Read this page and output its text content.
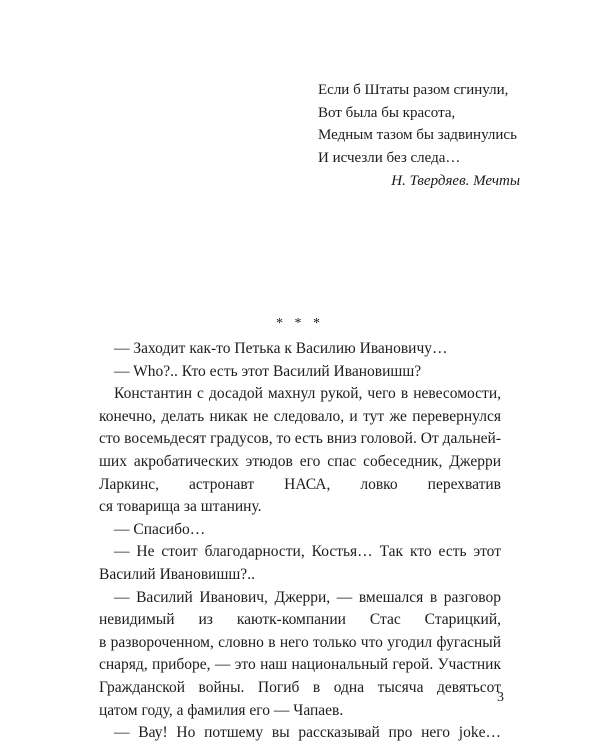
Если б Штаты разом сгинули,
Вот была бы красота,
Медным тазом бы задвинулись
И исчезли без следа…
Н. Твердяев. Мечты
* * *
— Заходит как-то Петька к Василию Ивановичу…
— Who?.. Кто есть этот Василий Ивановишш?
Константин с досадой махнул рукой, чего в невесомости,
конечно, делать никак не следовало, и тут же перевернулся
сто восемьдесят градусов, то есть вниз головой. От дальней-
ших акробатических этюдов его спас собеседник, Джерри
Ларкинс, астронавт НАСА, ловко перехватив
ся товарища за штанину.
— Спасибо…
— Не стоит благодарности, Костья… Так кто есть этот
Василий Ивановишш?..
— Василий Иванович, Джерри, — вмешался в разговор
невидимый из каютк-компании Стас Старицкий,
в развороченном, словно в него только что угодил фугасный
снаряд, приборе, — это наш национальный герой. Участник
Гражданской войны. Погиб в одна тысяча девятьсот
цатом году, а фамилия его — Чапаев.
— Вау! Но потшему вы рассказывай про него joke…
3
